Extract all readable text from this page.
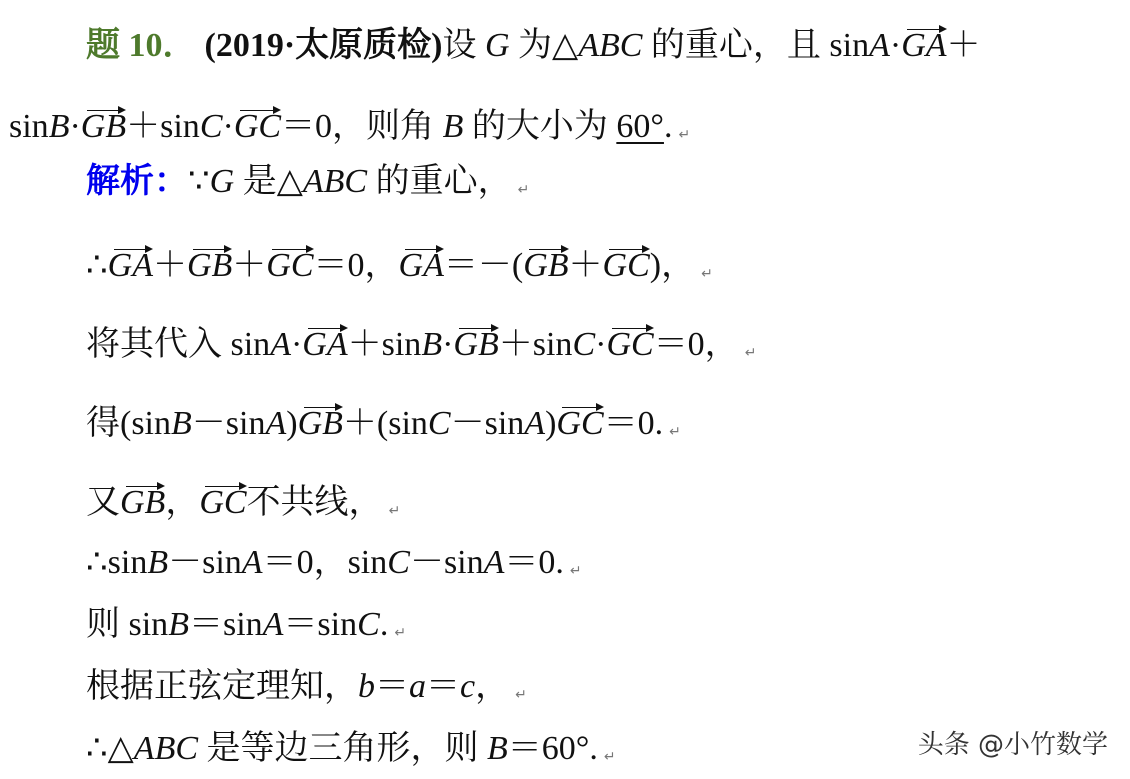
题 10． (2019·太原质检)设 G 为△ABC 的重心，且 sinA·GA＋
sinB·GB＋sinC·GC＝0，则角 B 的大小为 60°. ↵
解析：∵G 是△ABC 的重心， ↵
∴GA＋GB＋GC＝0，GA＝－(GB＋GC)， ↵
将其代入 sinA·GA＋sinB·GB＋sinC·GC＝0， ↵
得(sinB－sinA)GB＋(sinC－sinA)GC＝0. ↵
又GB，GC不共线， ↵
∴sinB－sinA＝0，sinC－sinA＝0. ↵
则 sinB＝sinA＝sinC. ↵
根据正弦定理知，b＝a＝c， ↵
∴△ABC 是等边三角形，则 B＝60°. ↵	头条 @小竹数学
